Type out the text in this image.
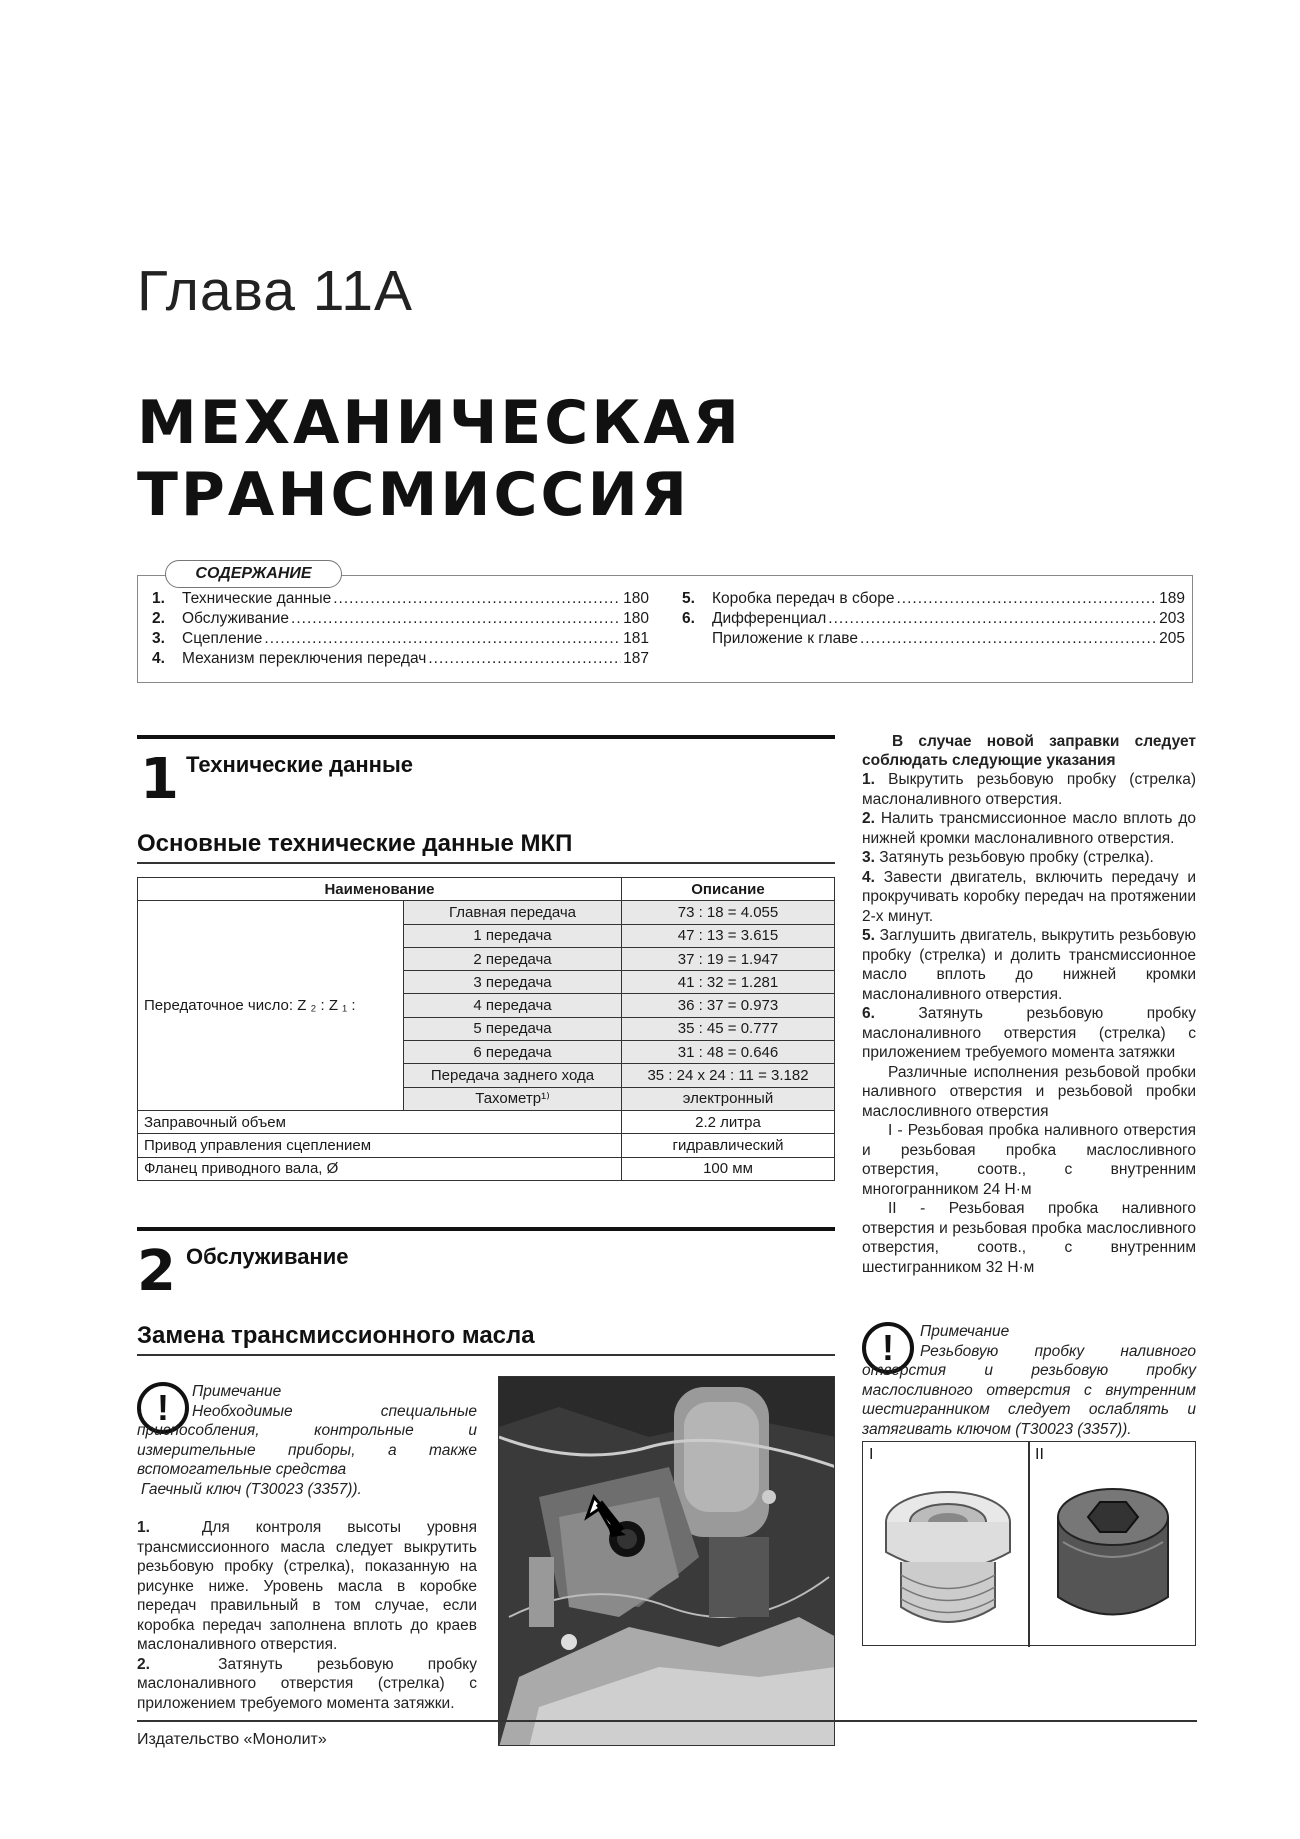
Глава 11А
МЕХАНИЧЕСКАЯ
ТРАНСМИССИЯ
СОДЕРЖАНИЕ
1.	Технические данные .....	180
2.	Обслуживание .....	180
3.	Сцепление .....	181
4.	Механизм переключения передач .....	187
5.	Коробка передач в сборе .....	189
6.	Дифференциал .....	203
Приложение к главе .....	205
1 Технические данные
Основные технические данные МКП
Наименование		Описание
Передаточное число: Z ₂ : Z ₁ :	Главная передача	73 : 18 = 4.055
	1 передача	47 : 13 = 3.615
	2 передача	37 : 19 = 1.947
	3 передача	41 : 32 = 1.281
	4 передача	36 : 37 = 0.973
	5 передача	35 : 45 = 0.777
	6 передача	31 : 48 = 0.646
	Передача заднего хода	35 : 24 x 24 : 11 = 3.182
	Тахометр¹⁾	электронный
Заправочный объем		2.2 литра
Привод управления сцеплением		гидравлический
Фланец приводного вала, Ø		100 мм
2 Обслуживание
Замена трансмиссионного масла
!	Примечание

Необходимые специальные приспособления, контрольные и измерительные приборы, а также вспомогательные средства

Гаечный ключ (T30023 (3357)).

1.	Для контроля высоты уровня трансмиссионного масла следует выкрутить резьбовую пробку (стрелка), показанную на рисунке ниже. Уровень масла в коробке передач правильный в том случае, если коробка передач заполнена вплоть до краев маслоналивного отверстия.

2.	Затянуть резьбовую пробку маслоналивного отверстия (стрелка) с приложением требуемого момента затяжки.

В случае новой заправки следует соблюдать следующие указания

1. Выкрутить резьбовую пробку (стрелка) маслоналивного отверстия.

2. Налить трансмиссионное масло вплоть до нижней кромки маслоналивного отверстия.

3. Затянуть резьбовую пробку (стрелка).

4. Завести двигатель, включить передачу и прокручивать коробку передач на протяжении 2-х минут.

5. Заглушить двигатель, выкрутить резьбовую пробку (стрелка) и долить трансмиссионное масло вплоть до нижней кромки маслоналивного отверстия.

6.	Затянуть резьбовую пробку маслоналивного отверстия (стрелка) с приложением требуемого момента затяжки

Различные исполнения резьбовой пробки наливного отверстия и резьбовой пробки маслосливного отверстия

I - Резьбовая пробка наливного отверстия и резьбовая пробка маслосливного отверстия, соотв., с внутренним многогранником 24 Н·м

II - Резьбовая пробка наливного отверстия и резьбовая пробка маслосливного отверстия, соотв., с внутренним шестигранником 32 Н·м

!	Примечание

Резьбовую пробку наливного отверстия и резьбовую пробку маслосливного отверстия с внутренним шестигранником следует ослаблять и затягивать ключом (T30023 (3357)).

I	II
Издательство «Монолит»
